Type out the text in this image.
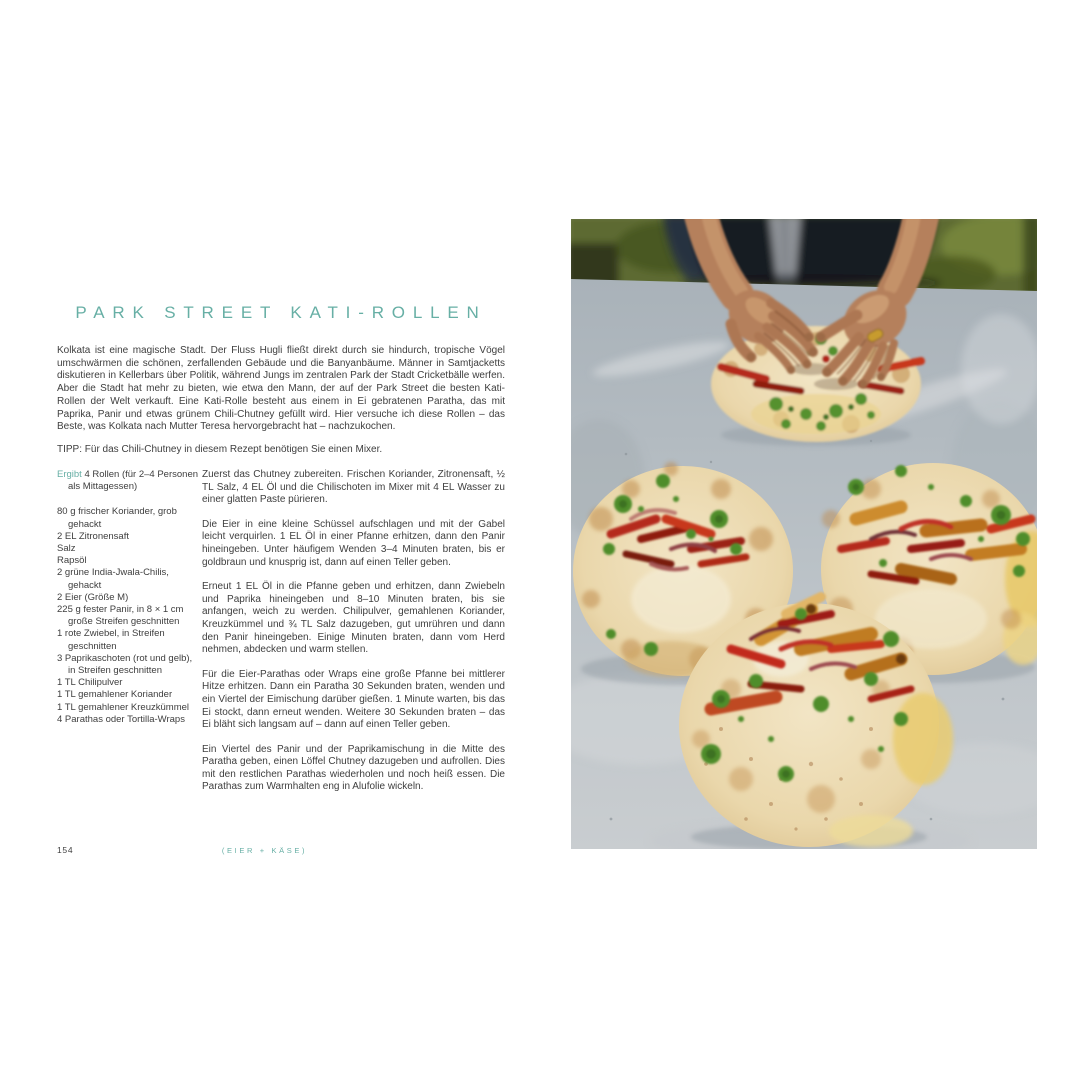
PARK STREET KATI-ROLLEN

Kolkata ist eine magische Stadt. Der Fluss Hugli fließt direkt durch sie hindurch, tropische Vögel umschwärmen die schönen, zerfallenden Gebäude und die Banyanbäume. Männer in Samtjacketts diskutieren in Kellerbars über Politik, während Jungs im zentralen Park der Stadt Cricketbälle werfen. Aber die Stadt hat mehr zu bieten, wie etwa den Mann, der auf der Park Street die besten Kati-Rollen der Welt verkauft. Eine Kati-Rolle besteht aus einem in Ei gebratenen Paratha, das mit Paprika, Panir und etwas grünem Chili-Chutney gefüllt wird. Hier versuche ich diese Rollen – das Beste, was Kolkata nach Mutter Teresa hervorgebracht hat – nachzukochen.

TIPP: Für das Chili-Chutney in diesem Rezept benötigen Sie einen Mixer.

Ergibt 4 Rollen (für 2–4 Personen als Mittagessen)

80 g frischer Koriander, grob gehackt

2 EL Zitronensaft

Salz

Rapsöl

2 grüne India-Jwala-Chilis, gehackt

2 Eier (Größe M)

225 g fester Panir, in 8 × 1 cm große Streifen geschnitten

1 rote Zwiebel, in Streifen geschnitten

3 Paprikaschoten (rot und gelb), in Streifen geschnitten

1 TL Chilipulver

1 TL gemahlener Koriander

1 TL gemahlener Kreuzkümmel

4 Parathas oder Tortilla-Wraps

Zuerst das Chutney zubereiten. Frischen Koriander, Zitronensaft, ½ TL Salz, 4 EL Öl und die Chilischoten im Mixer mit 4 EL Wasser zu einer glatten Paste pürieren.

Die Eier in eine kleine Schüssel aufschlagen und mit der Gabel leicht verquirlen. 1 EL Öl in einer Pfanne erhitzen, dann den Panir hineingeben. Unter häufigem Wenden 3–4 Minuten braten, bis er goldbraun und knusprig ist, dann auf einen Teller geben.

Erneut 1 EL Öl in die Pfanne geben und erhitzen, dann Zwiebeln und Paprika hineingeben und 8–10 Minuten braten, bis sie anfangen, weich zu werden. Chilipulver, gemahlenen Koriander, Kreuzkümmel und ¾ TL Salz dazugeben, gut umrühren und dann den Panir hineingeben. Einige Minuten braten, dann vom Herd nehmen, abdecken und warm stellen.

Für die Eier-Parathas oder Wraps eine große Pfanne bei mittlerer Hitze erhitzen. Dann ein Paratha 30 Sekunden braten, wenden und ein Viertel der Eimischung darüber gießen. 1 Minute warten, bis das Ei stockt, dann erneut wenden. Weitere 30 Sekunden braten – das Ei bläht sich langsam auf – dann auf einen Teller geben.

Ein Viertel des Panir und der Paprikamischung in die Mitte des Paratha geben, einen Löffel Chutney dazugeben und aufrollen. Dies mit den restlichen Parathas wiederholen und noch heiß essen. Die Parathas zum Warmhalten eng in Alufolie wickeln.

154	(EIER + KÄSE)
